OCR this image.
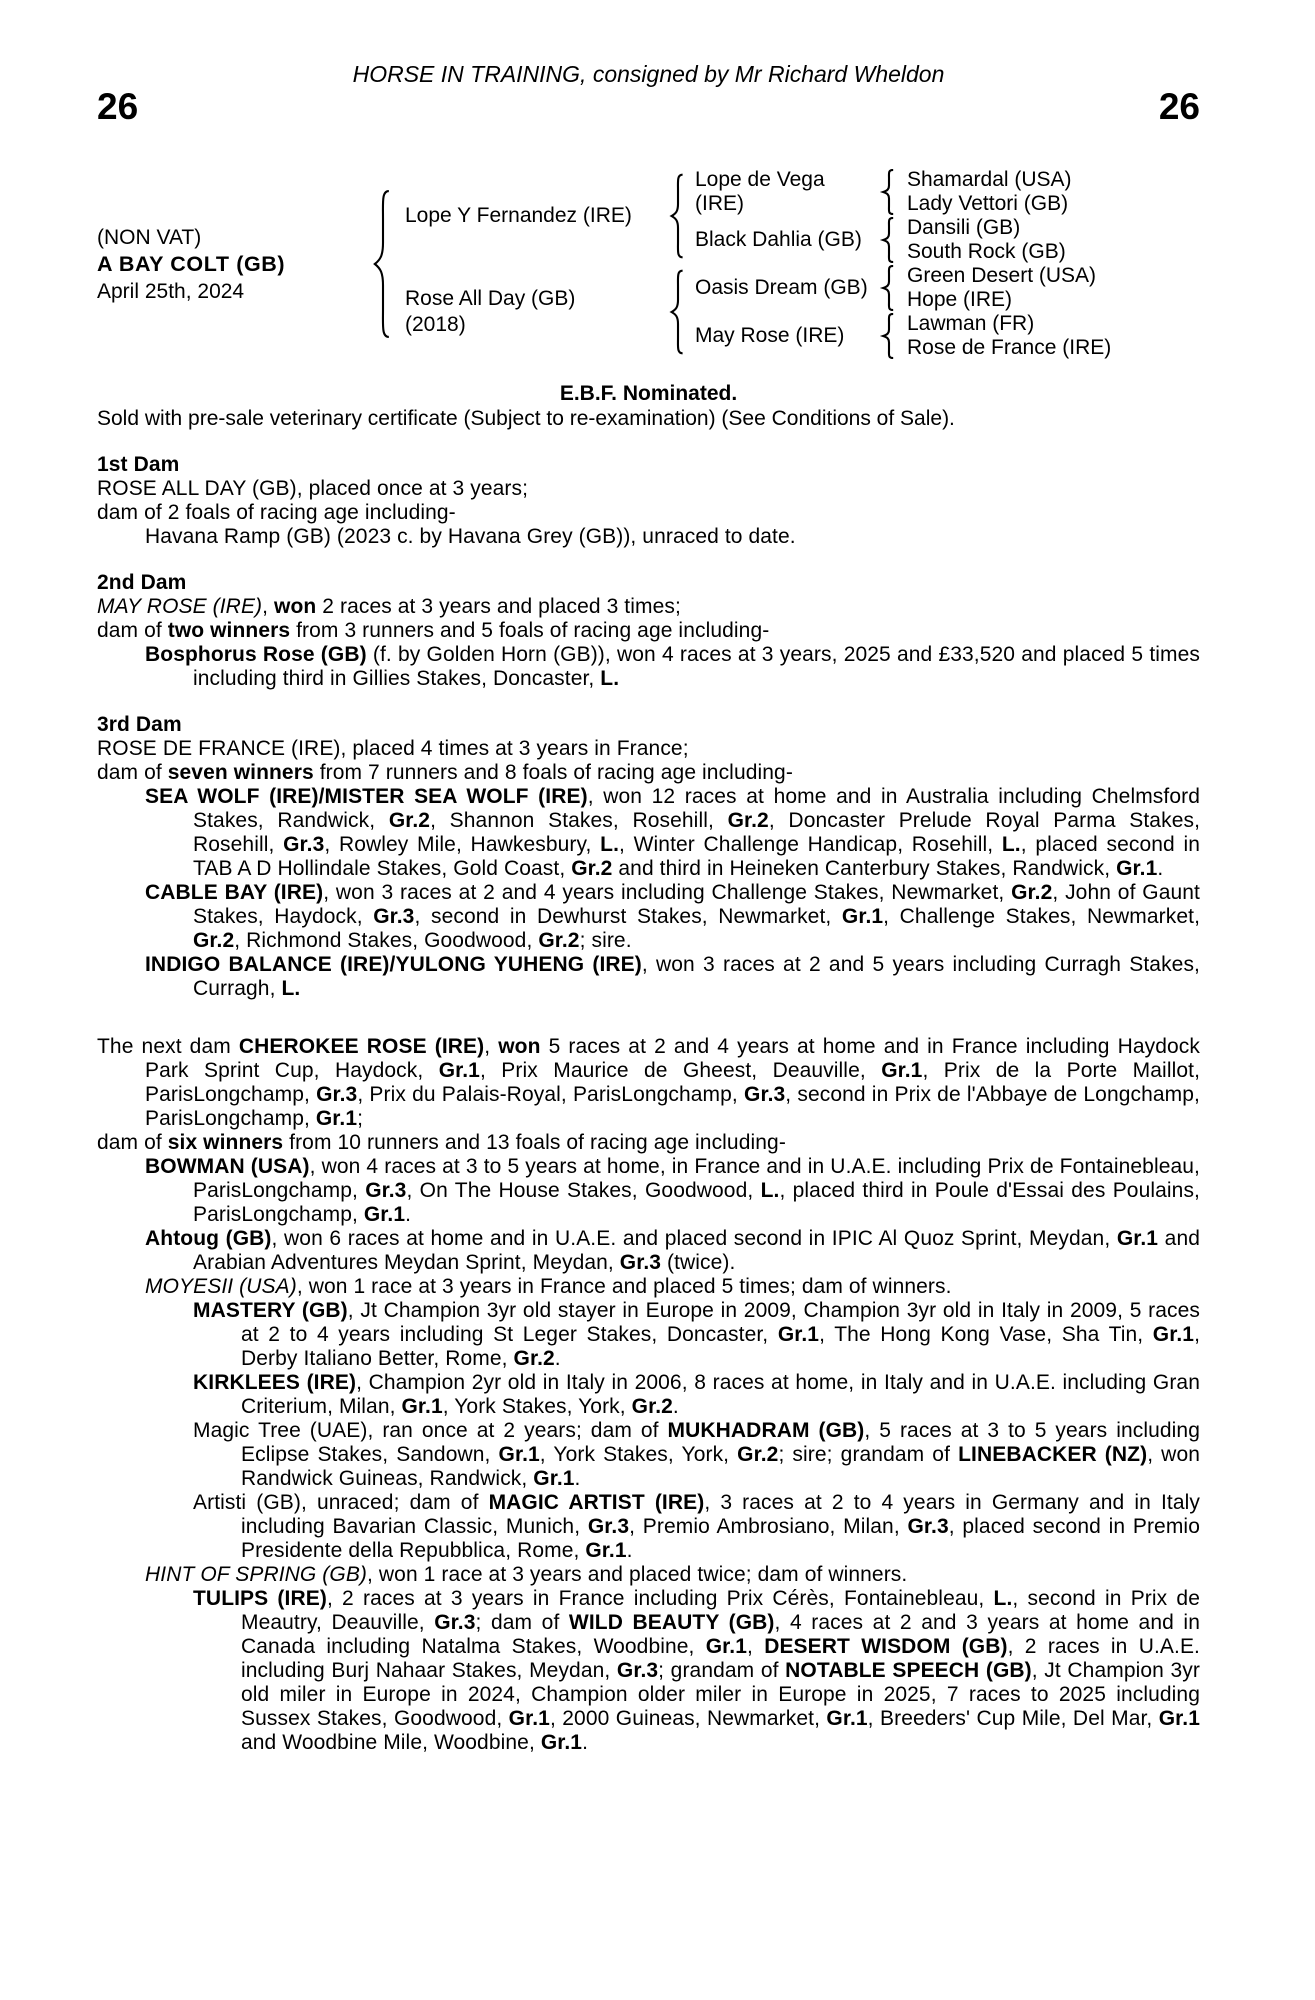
HORSE IN TRAINING, consigned by Mr Richard Wheldon
26	26
(NON VAT)
A BAY COLT (GB)
April 25th, 2024
Lope Y Fernandez (IRE)
Lope de Vega (IRE)
Shamardal (USA)
Lady Vettori (GB)
Black Dahlia (GB)
Dansili (GB)
South Rock (GB)
Rose All Day (GB)
(2018)
Oasis Dream (GB)
Green Desert (USA)
Hope (IRE)
May Rose (IRE)
Lawman (FR)
Rose de France (IRE)
E.B.F. Nominated.
Sold with pre-sale veterinary certificate (Subject to re-examination) (See Conditions of Sale).
1st Dam
ROSE ALL DAY (GB), placed once at 3 years;
dam of 2 foals of racing age including-
Havana Ramp (GB) (2023 c. by Havana Grey (GB)), unraced to date.
2nd Dam
MAY ROSE (IRE), won 2 races at 3 years and placed 3 times;
dam of two winners from 3 runners and 5 foals of racing age including-
Bosphorus Rose (GB) (f. by Golden Horn (GB)), won 4 races at 3 years, 2025 and £33,520 and placed 5 times including third in Gillies Stakes, Doncaster, L.
3rd Dam
ROSE DE FRANCE (IRE), placed 4 times at 3 years in France;
dam of seven winners from 7 runners and 8 foals of racing age including-
SEA WOLF (IRE)/MISTER SEA WOLF (IRE), won 12 races at home and in Australia including Chelmsford Stakes, Randwick, Gr.2, Shannon Stakes, Rosehill, Gr.2, Doncaster Prelude Royal Parma Stakes, Rosehill, Gr.3, Rowley Mile, Hawkesbury, L., Winter Challenge Handicap, Rosehill, L., placed second in TAB A D Hollindale Stakes, Gold Coast, Gr.2 and third in Heineken Canterbury Stakes, Randwick, Gr.1.
CABLE BAY (IRE), won 3 races at 2 and 4 years including Challenge Stakes, Newmarket, Gr.2, John of Gaunt Stakes, Haydock, Gr.3, second in Dewhurst Stakes, Newmarket, Gr.1, Challenge Stakes, Newmarket, Gr.2, Richmond Stakes, Goodwood, Gr.2; sire.
INDIGO BALANCE (IRE)/YULONG YUHENG (IRE), won 3 races at 2 and 5 years including Curragh Stakes, Curragh, L.
The next dam CHEROKEE ROSE (IRE), won 5 races at 2 and 4 years at home and in France including Haydock Park Sprint Cup, Haydock, Gr.1, Prix Maurice de Gheest, Deauville, Gr.1, Prix de la Porte Maillot, ParisLongchamp, Gr.3, Prix du Palais-Royal, ParisLongchamp, Gr.3, second in Prix de l'Abbaye de Longchamp, ParisLongchamp, Gr.1;
dam of six winners from 10 runners and 13 foals of racing age including-
BOWMAN (USA), won 4 races at 3 to 5 years at home, in France and in U.A.E. including Prix de Fontainebleau, ParisLongchamp, Gr.3, On The House Stakes, Goodwood, L., placed third in Poule d'Essai des Poulains, ParisLongchamp, Gr.1.
Ahtoug (GB), won 6 races at home and in U.A.E. and placed second in IPIC Al Quoz Sprint, Meydan, Gr.1 and Arabian Adventures Meydan Sprint, Meydan, Gr.3 (twice).
MOYESII (USA), won 1 race at 3 years in France and placed 5 times; dam of winners.
MASTERY (GB), Jt Champion 3yr old stayer in Europe in 2009, Champion 3yr old in Italy in 2009, 5 races at 2 to 4 years including St Leger Stakes, Doncaster, Gr.1, The Hong Kong Vase, Sha Tin, Gr.1, Derby Italiano Better, Rome, Gr.2.
KIRKLEES (IRE), Champion 2yr old in Italy in 2006, 8 races at home, in Italy and in U.A.E. including Gran Criterium, Milan, Gr.1, York Stakes, York, Gr.2.
Magic Tree (UAE), ran once at 2 years; dam of MUKHADRAM (GB), 5 races at 3 to 5 years including Eclipse Stakes, Sandown, Gr.1, York Stakes, York, Gr.2; sire; grandam of LINEBACKER (NZ), won Randwick Guineas, Randwick, Gr.1.
Artisti (GB), unraced; dam of MAGIC ARTIST (IRE), 3 races at 2 to 4 years in Germany and in Italy including Bavarian Classic, Munich, Gr.3, Premio Ambrosiano, Milan, Gr.3, placed second in Premio Presidente della Repubblica, Rome, Gr.1.
HINT OF SPRING (GB), won 1 race at 3 years and placed twice; dam of winners.
TULIPS (IRE), 2 races at 3 years in France including Prix Cérès, Fontainebleau, L., second in Prix de Meautry, Deauville, Gr.3; dam of WILD BEAUTY (GB), 4 races at 2 and 3 years at home and in Canada including Natalma Stakes, Woodbine, Gr.1, DESERT WISDOM (GB), 2 races in U.A.E. including Burj Nahaar Stakes, Meydan, Gr.3; grandam of NOTABLE SPEECH (GB), Jt Champion 3yr old miler in Europe in 2024, Champion older miler in Europe in 2025, 7 races to 2025 including Sussex Stakes, Goodwood, Gr.1, 2000 Guineas, Newmarket, Gr.1, Breeders' Cup Mile, Del Mar, Gr.1 and Woodbine Mile, Woodbine, Gr.1.
